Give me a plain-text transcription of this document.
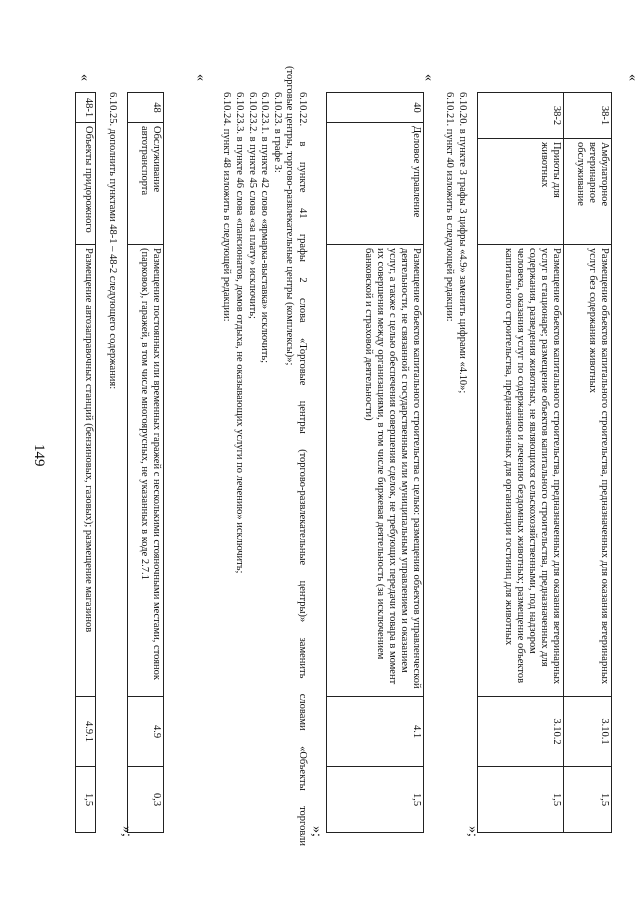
149
«
38-1	Амбулаторное ветеринарное обслуживание	Размещение объектов капитального строительства, предназначенных для оказания ветеринарных услуг без содержания животных	3.10.1	1,5
38-2	Приюты для животных	Размещение объектов капитального строительства, предназначенных для оказания ветеринарных услуг в стационаре; размещение объектов капитального строительства, предназначенных для содержания, разведения животных, не являющихся сельскохозяйственными, под надзором человека, оказания услуг по содержанию и лечению бездомных животных; размещение объектов капитального строительства, предназначенных для организации гостиниц для животных	3.10.2	1,5
»;
6.10.20. в пункте 3 графы 3 цифры «4.9» заменить цифрами «4.10»;
6.10.21. пункт 40 изложить в следующей редакции:
«
40	Деловое управление	Размещение объектов капитального строительства с целью: размещения объектов управленческой деятельности, не связанной с государственным или муниципальным управлением и оказанием услуг, а также с целью обеспечения совершения сделок, не требующих передачи товара в момент их совершения между организациями, в том числе биржевая деятельность (за исключением банковской и страховой деятельности)	4.1	1,5
»;
6.10.22. в пункте 41 графы 2 слова «Торговые центры (торгово-развлекательные центры)» заменить словами «Объекты торговли
(торговые центры, торгово-развлекательные центры (комплексы)»;
6.10.23. в графе 3:
6.10.23.1. в пункте 42 слово «ярмарка-выставка» исключить;
6.10.23.2. в пункте 45 слова «за плату» исключить;
6.10.23.3. в пункте 46 слова «пансионатов, домов отдыха, не оказывающих услуги по лечению» исключить;
6.10.24. пункт 48 изложить в следующей редакции:
«
48	Обслуживание автотранспорта	Размещение постоянных или временных гаражей с несколькими стояночными местами, стоянок (парковок), гаражей, в том числе многоярусных, не указанных в коде 2.7.1	4.9	0,3
»;
6.10.25. дополнить пунктами 48-1 – 48-2 следующего содержания:
«
48-1	Объекты придорожного	Размещение автозаправочных станций (бензиновых, газовых); размещение магазинов	4.9.1	1,5
